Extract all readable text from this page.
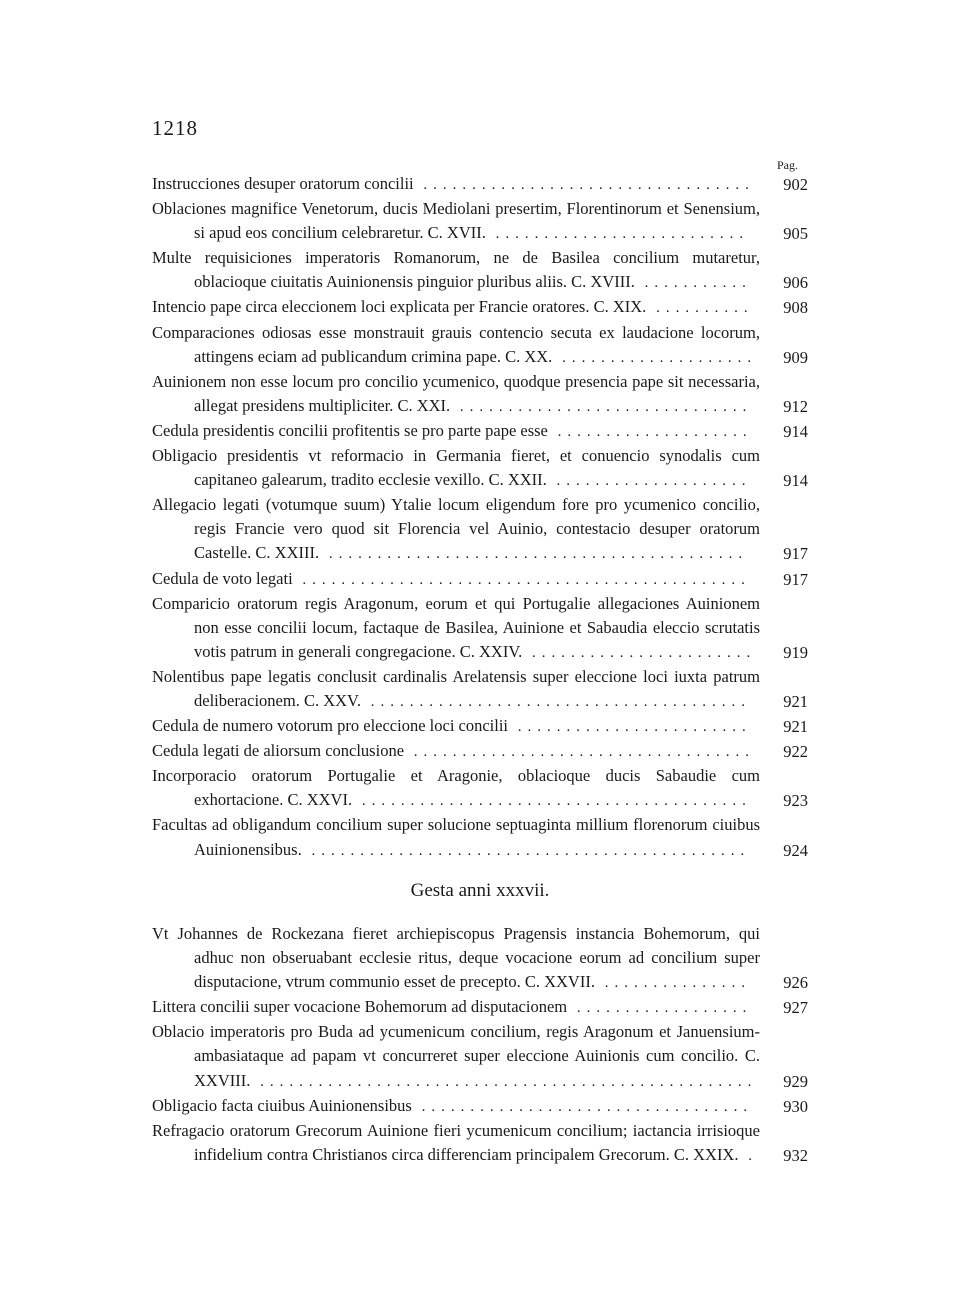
1218
Pag.
Instrucciones desuper oratorum concilii ..................................	902
Oblaciones magnifice Venetorum, ducis Mediolani presertim, Florentinorum et Senensium, si apud eos concilium celebraretur. C. XVII. ..........................	905
Multe requisiciones imperatoris Romanorum, ne de Basilea concilium mutaretur, oblacioque ciuitatis Auinionensis pinguior pluribus aliis. C. XVIII. ...........	906
Intencio pape circa eleccionem loci explicata per Francie oratores. C. XIX. ..........	908
Comparaciones odiosas esse monstrauit grauis contencio secuta ex laudacione locorum, attingens eciam ad publicandum crimina pape. C. XX. ....................	909
Auinionem non esse locum pro concilio ycumenico, quodque presencia pape sit necessaria, allegat presidens multipliciter. C. XXI. ..............................	912
Cedula presidentis concilii profitentis se pro parte pape esse ....................	914
Obligacio presidentis vt reformacio in Germania fieret, et conuencio synodalis cum capitaneo galearum, tradito ecclesie vexillo. C. XXII. ....................	914
Allegacio legati (votumque suum) Ytalie locum eligendum fore pro ycumenico concilio, regis Francie vero quod sit Florencia vel Auinio, contestacio desuper oratorum Castelle. C. XXIII. ...........................................	917
Cedula de voto legati ..............................................	917
Comparicio oratorum regis Aragonum, eorum et qui Portugalie allegaciones Auinionem non esse concilii locum, factaque de Basilea, Auinione et Sabaudia eleccio scrutatis votis patrum in generali congregacione. C. XXIV. .......................	919
Nolentibus pape legatis conclusit cardinalis Arelatensis super eleccione loci iuxta patrum deliberacionem. C. XXV. .......................................	921
Cedula de numero votorum pro eleccione loci concilii ........................	921
Cedula legati de aliorsum conclusione ...................................	922
Incorporacio oratorum Portugalie et Aragonie, oblacioque ducis Sabaudie cum exhortacione. C. XXVI. ........................................	923
Facultas ad obligandum concilium super solucione septuaginta millium florenorum ciuibus Auinionensibus. .............................................	924
Gesta anni xxxvii.
Vt Johannes de Rockezana fieret archiepiscopus Pragensis instancia Bohemorum, qui adhuc non obseruabant ecclesie ritus, deque vocacione eorum ad concilium super disputacione, vtrum communio esset de precepto. C. XXVII. ...............	926
Littera concilii super vocacione Bohemorum ad disputacionem ..................	927
Oblacio imperatoris pro Buda ad ycumenicum concilium, regis Aragonum et Januensium-ambasiataque ad papam vt concurreret super eleccione Auinionis cum concilio. C. XXVIII. ...................................................	929
Obligacio facta ciuibus Auinionensibus ..................................	930
Refragacio oratorum Grecorum Auinione fieri ycumenicum concilium; iactancia irrisioque infidelium contra Christianos circa differenciam principalem Grecorum. C. XXIX. .	932
